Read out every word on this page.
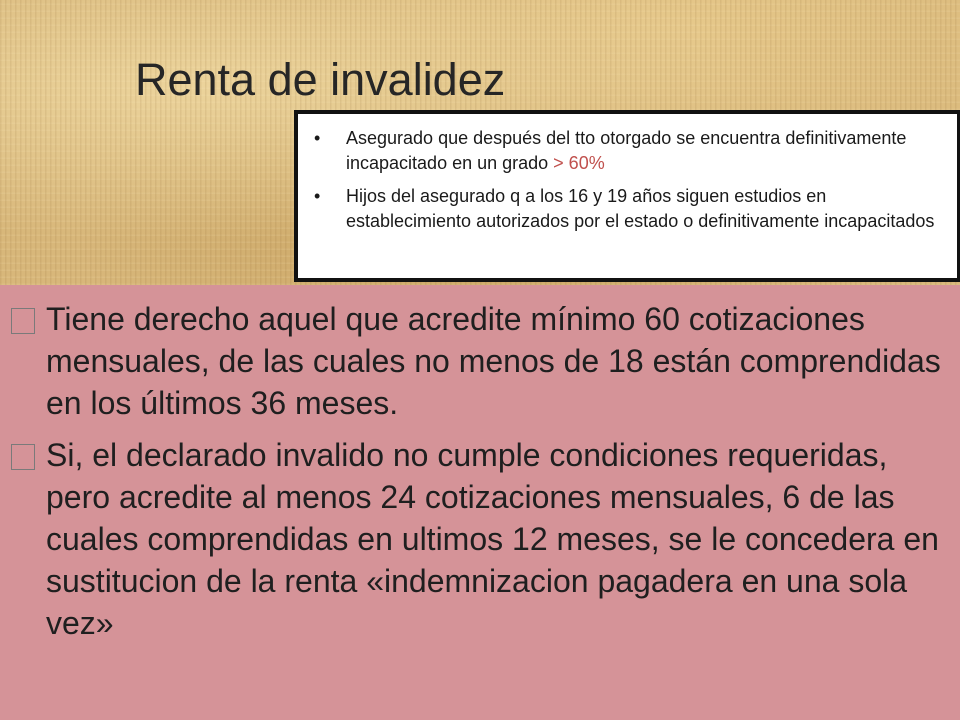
Renta de invalidez
• Asegurado que después del tto otorgado se encuentra definitivamente incapacitado en un grado > 60%
• Hijos del asegurado q a los 16 y 19 años siguen estudios en establecimiento autorizados por el estado o definitivamente incapacitados
Tiene derecho aquel que acredite mínimo 60 cotizaciones mensuales, de las cuales no menos de 18 están comprendidas en los últimos 36 meses.
Si, el declarado invalido no cumple condiciones requeridas, pero acredite al menos 24 cotizaciones mensuales, 6 de las cuales comprendidas en ultimos 12 meses, se le concedera en sustitucion de la renta «indemnizacion pagadera en una sola vez»
